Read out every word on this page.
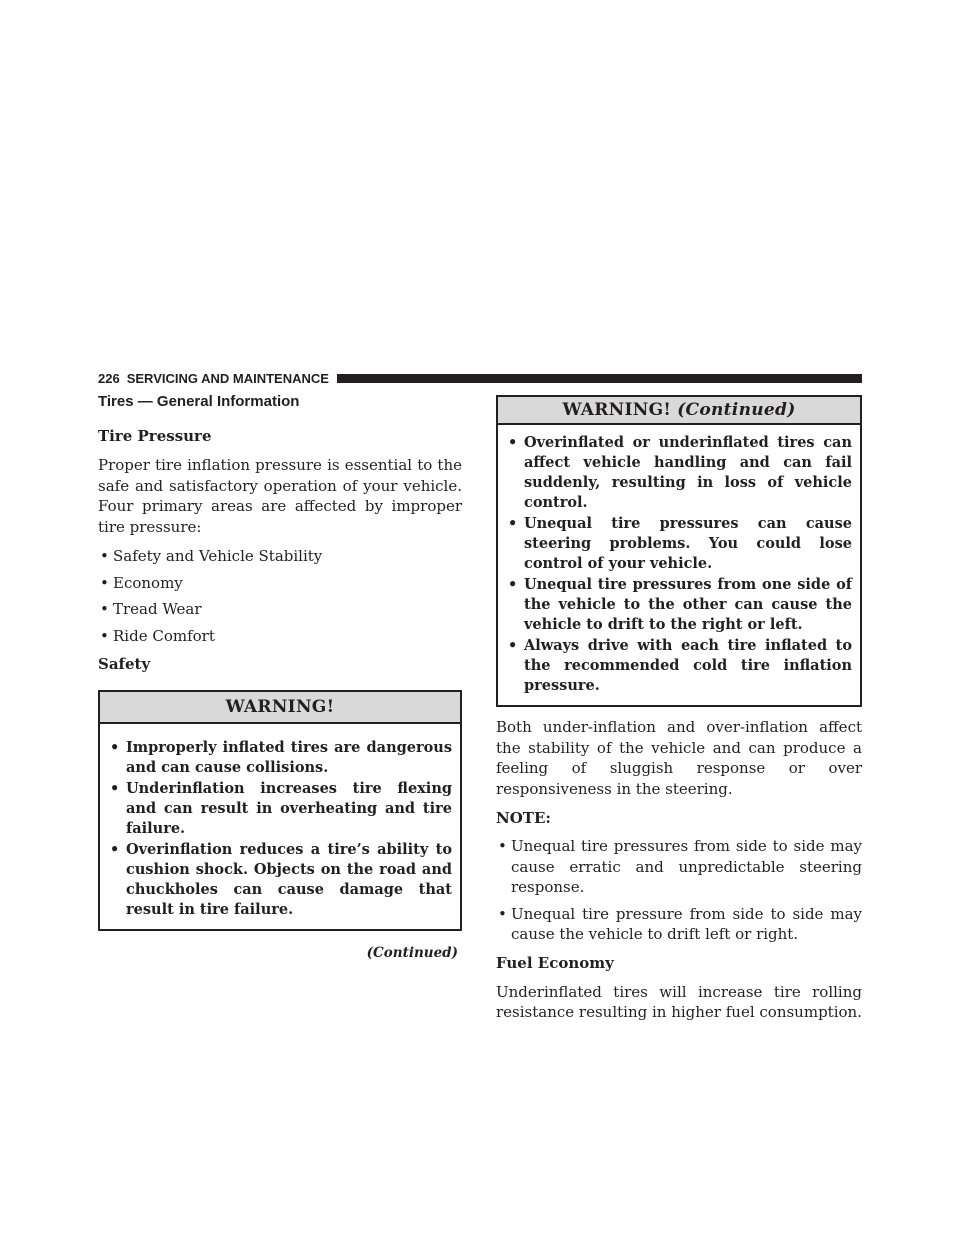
226 SERVICING AND MAINTENANCE
Tires — General Information
Tire Pressure

Proper tire inflation pressure is essential to the safe and satisfactory operation of your vehicle. Four primary areas are affected by improper tire pressure:

• Safety and Vehicle Stability
• Economy
• Tread Wear
• Ride Comfort
Safety
WARNING!
• Improperly inflated tires are dangerous and can cause collisions.
• Underinflation increases tire flexing and can result in overheating and tire failure.
• Overinflation reduces a tire’s ability to cushion shock. Objects on the road and chuckholes can cause damage that result in tire failure.
(Continued)
WARNING! (Continued)
• Overinflated or underinflated tires can affect vehicle handling and can fail suddenly, resulting in loss of vehicle control.
• Unequal tire pressures can cause steering problems. You could lose control of your vehicle.
• Unequal tire pressures from one side of the vehicle to the other can cause the vehicle to drift to the right or left.
• Always drive with each tire inflated to the recommended cold tire inflation pressure.

Both under-inflation and over-inflation affect the stability of the vehicle and can produce a feeling of sluggish response or over responsiveness in the steering.

NOTE:
• Unequal tire pressures from side to side may cause erratic and unpredictable steering response.
• Unequal tire pressure from side to side may cause the vehicle to drift left or right.
Fuel Economy

Underinflated tires will increase tire rolling resistance resulting in higher fuel consumption.
